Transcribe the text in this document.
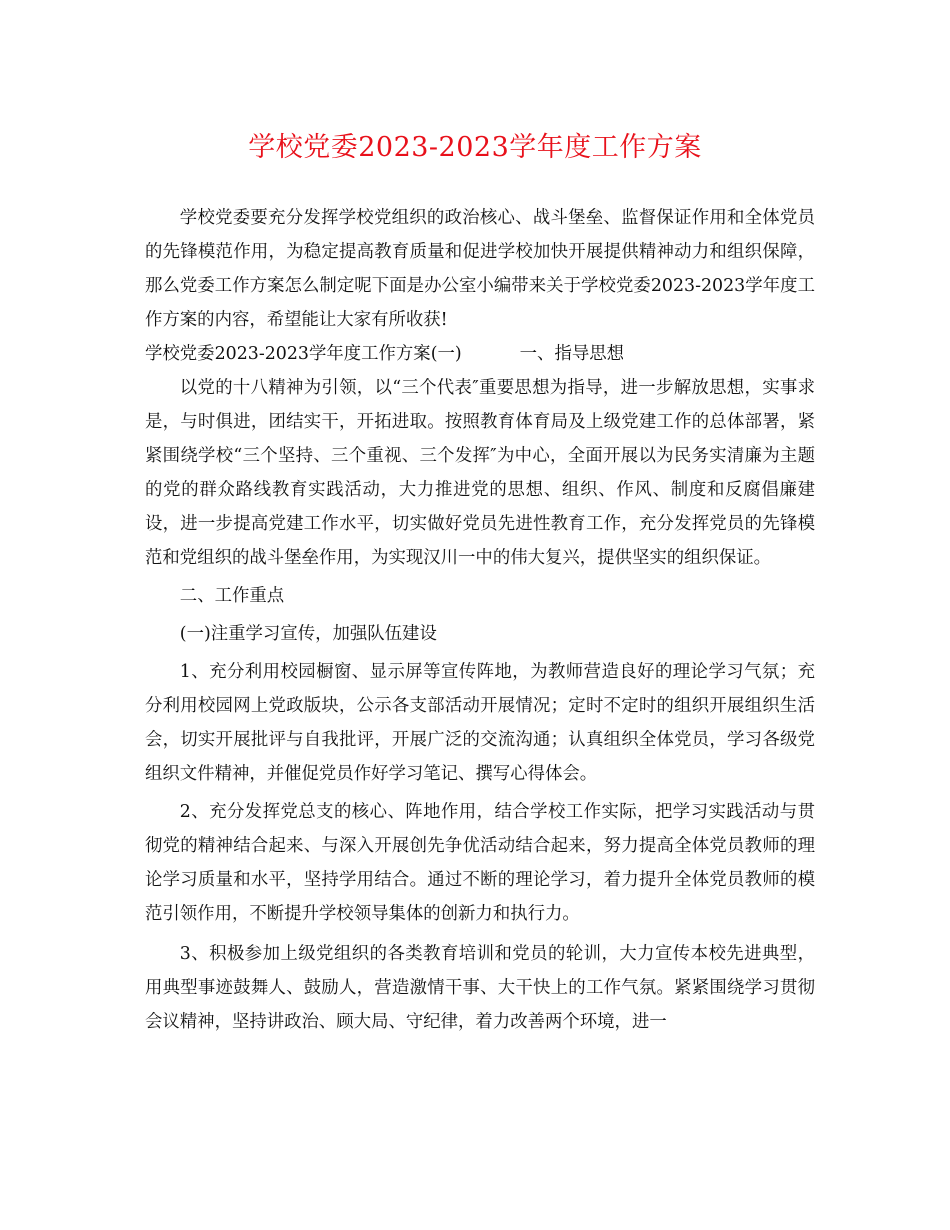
学校党委2023-2023学年度工作方案

学校党委要充分发挥学校党组织的政治核心、战斗堡垒、监督保证作用和全体党员的先锋模范作用，为稳定提高教育质量和促进学校加快开展提供精神动力和组织保障，那么党委工作方案怎么制定呢下面是办公室小编带来关于学校党委2023-2023学年度工作方案的内容，希望能让大家有所收获!

学校党委2023-2023学年度工作方案(一)	一、指导思想

以党的十八精神为引领，以“三个代表″重要思想为指导，进一步解放思想，实事求是，与时俱进，团结实干，开拓进取。按照教育体育局及上级党建工作的总体部署，紧紧围绕学校“三个坚持、三个重视、三个发挥″为中心，全面开展以为民务实清廉为主题的党的群众路线教育实践活动，大力推进党的思想、组织、作风、制度和反腐倡廉建设，进一步提高党建工作水平，切实做好党员先进性教育工作，充分发挥党员的先锋模范和党组织的战斗堡垒作用，为实现汉川一中的伟大复兴，提供坚实的组织保证。

二、工作重点

(一)注重学习宣传，加强队伍建设

1、充分利用校园橱窗、显示屏等宣传阵地，为教师营造良好的理论学习气氛；充分利用校园网上党政版块，公示各支部活动开展情况；定时不定时的组织开展组织生活会，切实开展批评与自我批评，开展广泛的交流沟通；认真组织全体党员，学习各级党组织文件精神，并催促党员作好学习笔记、撰写心得体会。

2、充分发挥党总支的核心、阵地作用，结合学校工作实际，把学习实践活动与贯彻党的精神结合起来、与深入开展创先争优活动结合起来，努力提高全体党员教师的理论学习质量和水平，坚持学用结合。通过不断的理论学习，着力提升全体党员教师的模范引领作用，不断提升学校领导集体的创新力和执行力。

3、积极参加上级党组织的各类教育培训和党员的轮训，大力宣传本校先进典型，用典型事迹鼓舞人、鼓励人，营造激情干事、大干快上的工作气氛。紧紧围绕学习贯彻会议精神，坚持讲政治、顾大局、守纪律，着力改善两个环境，进一
